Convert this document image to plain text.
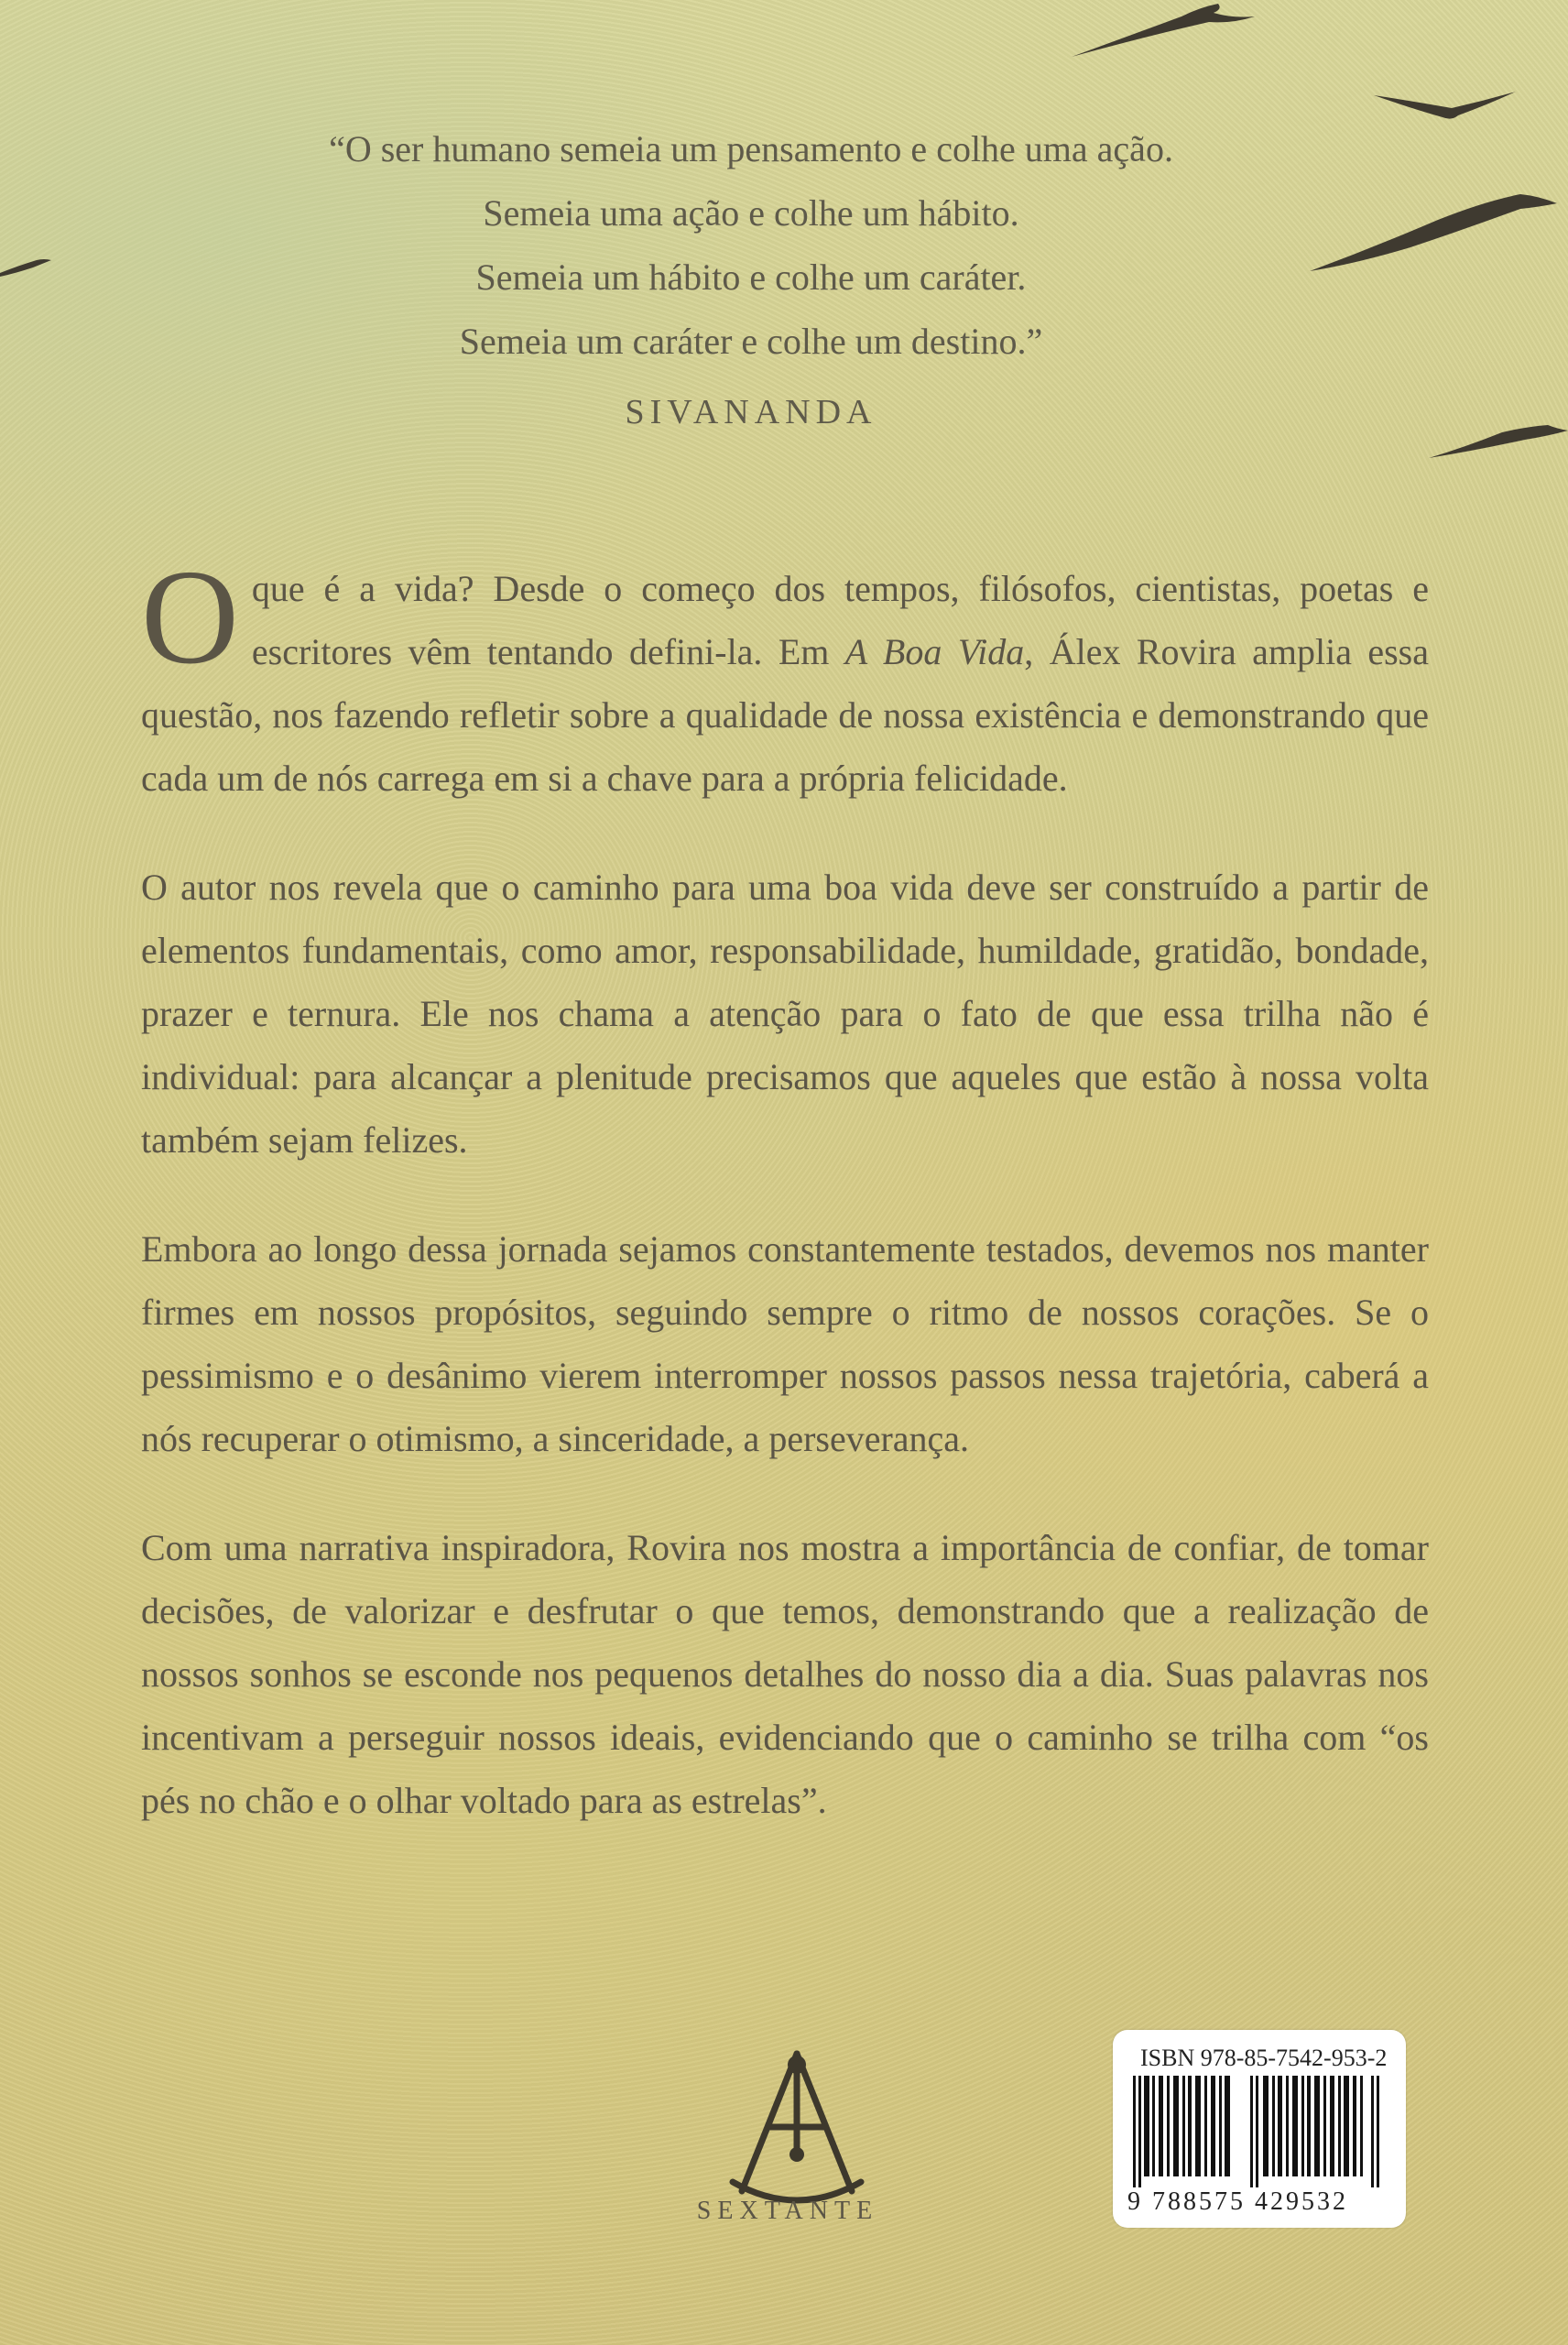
“O ser humano semeia um pensamento e colhe uma ação.
Semeia uma ação e colhe um hábito.
Semeia um hábito e colhe um caráter.
Semeia um caráter e colhe um destino.”
SIVANANDA

Oque é a vida? Desde o começo dos tempos, filósofos, cientistas, poetas e escritores vêm tentando defini-la. Em A Boa Vida, Álex Rovira amplia essa questão, nos fazendo refletir sobre a qualidade de nossa existência e demonstrando que cada um de nós carrega em si a chave para a própria felicidade.

O autor nos revela que o caminho para uma boa vida deve ser construído a partir de elementos fundamentais, como amor, responsabilidade, humildade, gratidão, bondade, prazer e ternura. Ele nos chama a atenção para o fato de que essa trilha não é individual: para alcançar a plenitude precisamos que aqueles que estão à nossa volta também sejam felizes.

Embora ao longo dessa jornada sejamos constantemente testados, devemos nos manter firmes em nossos propósitos, seguindo sempre o ritmo de nossos corações. Se o pessimismo e o desânimo vierem interromper nossos passos nessa trajetória, caberá a nós recuperar o otimismo, a sinceridade, a perseverança.

Com uma narrativa inspiradora, Rovira nos mostra a importância de confiar, de tomar decisões, de valorizar e desfrutar o que temos, demonstrando que a realização de nossos sonhos se esconde nos pequenos detalhes do nosso dia a dia. Suas palavras nos incentivam a perseguir nossos ideais, evidenciando que o caminho se trilha com “os pés no chão e o olhar voltado para as estrelas”.

SEXTANTE
ISBN 978-85-7542-953-2
9 788575 429532
